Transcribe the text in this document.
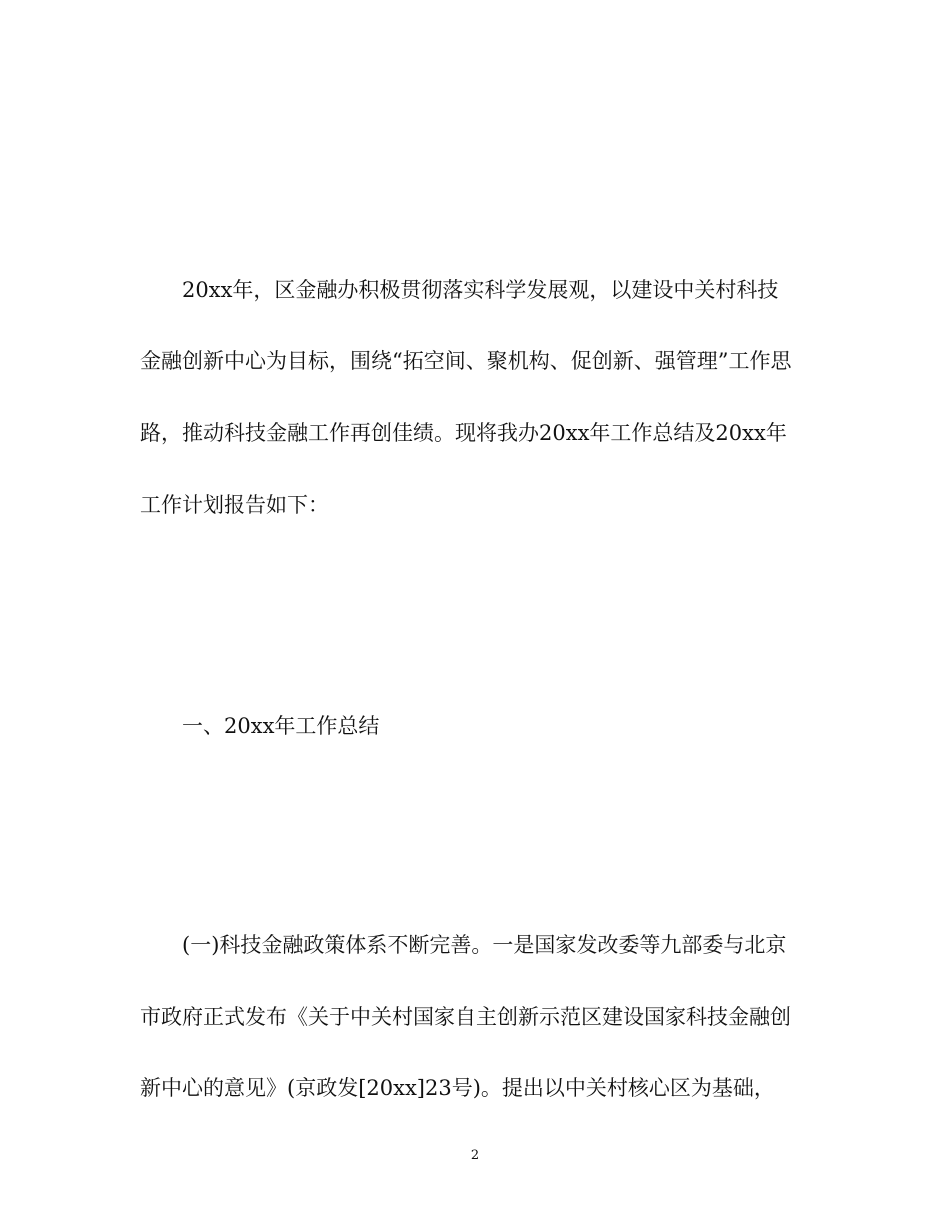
20xx年，区金融办积极贯彻落实科学发展观，以建设中关村科技
金融创新中心为目标，围绕“拓空间、聚机构、促创新、强管理”工作思
路，推动科技金融工作再创佳绩。现将我办20xx年工作总结及20xx年
工作计划报告如下：
一、20xx年工作总结
(一)科技金融政策体系不断完善。一是国家发改委等九部委与北京
市政府正式发布《关于中关村国家自主创新示范区建设国家科技金融创
新中心的意见》(京政发[20xx]23号)。提出以中关村核心区为基础，
2
